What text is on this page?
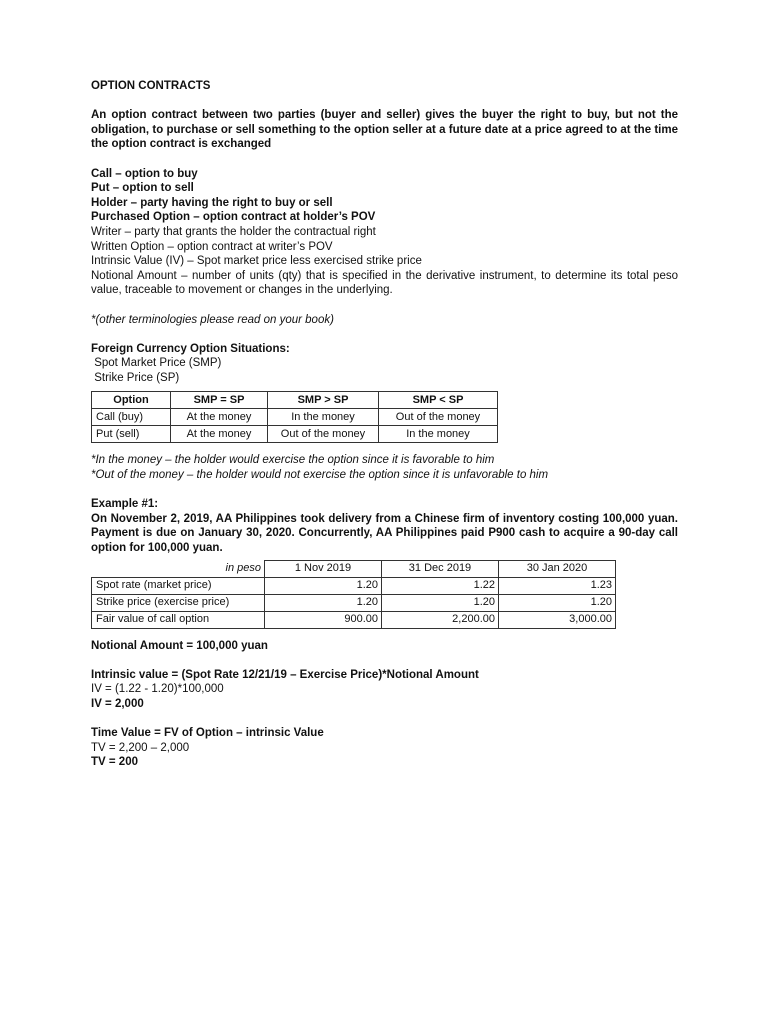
OPTION CONTRACTS

An option contract between two parties (buyer and seller) gives the buyer the right to buy, but not the obligation, to purchase or sell something to the option seller at a future date at a price agreed to at the time the option contract is exchanged

Call – option to buy

Put – option to sell

Holder – party having the right to buy or sell

Purchased Option – option contract at holder’s POV

Writer – party that grants the holder the contractual right

Written Option – option contract at writer’s POV

Intrinsic Value (IV) – Spot market price less exercised strike price

Notional Amount – number of units (qty) that is specified in the derivative instrument, to determine its total peso value, traceable to movement or changes in the underlying.

*(other terminologies please read on your book)

Foreign Currency Option Situations:

Spot Market Price (SMP)

Strike Price (SP)

Option	SMP = SP	SMP > SP	SMP < SP
Call (buy)	At the money	In the money	Out of the money
Put (sell)	At the money	Out of the money	In the money

*In the money – the holder would exercise the option since it is favorable to him

*Out of the money – the holder would not exercise the option since it is unfavorable to him

Example #1:

On November 2, 2019, AA Philippines took delivery from a Chinese firm of inventory costing 100,000 yuan. Payment is due on January 30, 2020. Concurrently, AA Philippines paid P900 cash to acquire a 90-day call option for 100,000 yuan.

in peso	1 Nov 2019	31 Dec 2019	30 Jan 2020
Spot rate (market price)	1.20	1.22	1.23
Strike price (exercise price)	1.20	1.20	1.20
Fair value of call option	900.00	2,200.00	3,000.00

Notional Amount = 100,000 yuan

Intrinsic value = (Spot Rate 12/21/19 – Exercise Price)*Notional Amount

IV = (1.22 - 1.20)*100,000

IV = 2,000

Time Value = FV of Option – intrinsic Value

TV = 2,200 – 2,000

TV = 200
